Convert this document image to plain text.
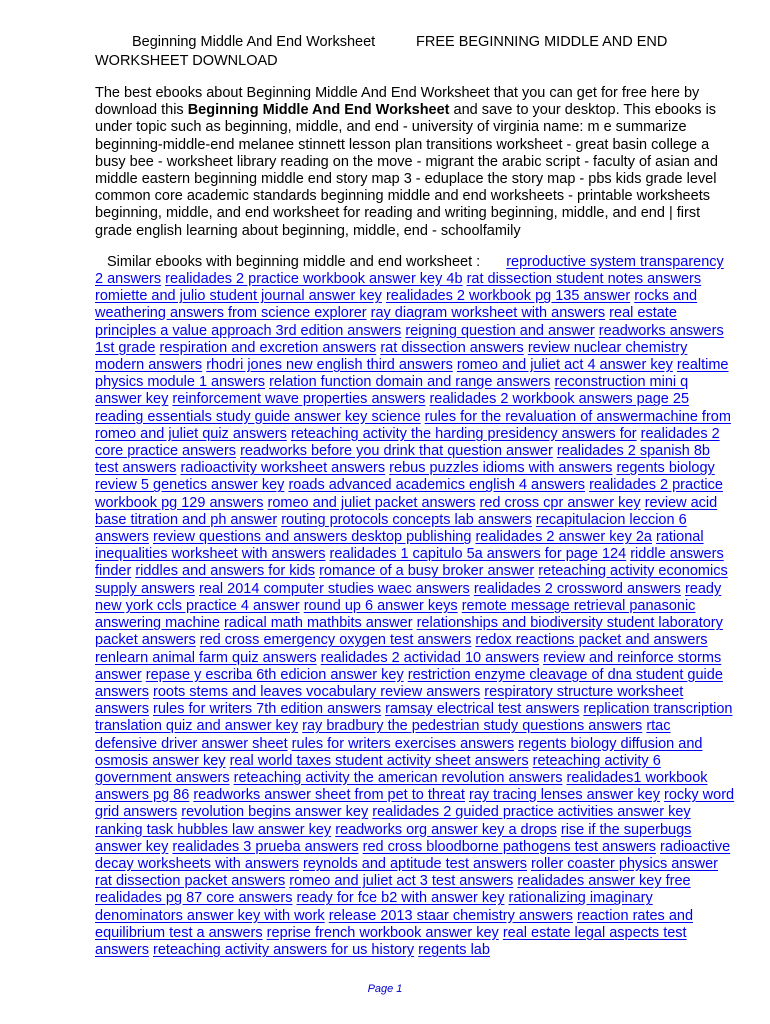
Beginning Middle And End Worksheet	FREE BEGINNING MIDDLE AND END
WORKSHEET DOWNLOAD
The best ebooks about Beginning Middle And End Worksheet that you can get for free here by download this Beginning Middle And End Worksheet and save to your desktop. This ebooks is under topic such as beginning, middle, and end - university of virginia name: m e summarize beginning-middle-end melanee stinnett lesson plan transitions worksheet - great basin college a busy bee - worksheet library reading on the move - migrant the arabic script - faculty of asian and middle eastern beginning middle end story map 3 - eduplace the story map - pbs kids grade level common core academic standards beginning middle and end worksheets - printable worksheets beginning, middle, and end worksheet for reading and writing beginning, middle, and end | first grade english learning about beginning, middle, end - schoolfamily
Similar ebooks with beginning middle and end worksheet : reproductive system transparency 2 answers realidades 2 practice workbook answer key 4b rat dissection student notes answers romiette and julio student journal answer key realidades 2 workbook pg 135 answer rocks and weathering answers from science explorer ray diagram worksheet with answers real estate principles a value approach 3rd edition answers reigning question and answer readworks answers 1st grade respiration and excretion answers rat dissection answers review nuclear chemistry modern answers rhodri jones new english third answers romeo and juliet act 4 answer key realtime physics module 1 answers relation function domain and range answers reconstruction mini q answer key reinforcement wave properties answers realidades 2 workbook answers page 25 reading essentials study guide answer key science rules for the revaluation of answermachine from romeo and juliet quiz answers reteaching activity the harding presidency answers for realidades 2 core practice answers readworks before you drink that question answer realidades 2 spanish 8b test answers radioactivity worksheet answers rebus puzzles idioms with answers regents biology review 5 genetics answer key roads advanced academics english 4 answers realidades 2 practice workbook pg 129 answers romeo and juliet packet answers red cross cpr answer key review acid base titration and ph answer routing protocols concepts lab answers recapitulacion leccion 6 answers review questions and answers desktop publishing realidades 2 answer key 2a rational inequalities worksheet with answers realidades 1 capitulo 5a answers for page 124 riddle answers finder riddles and answers for kids romance of a busy broker answer reteaching activity economics supply answers real 2014 computer studies waec answers realidades 2 crossword answers ready new york ccls practice 4 answer round up 6 answer keys remote message retrieval panasonic answering machine radical math mathbits answer relationships and biodiversity student laboratory packet answers red cross emergency oxygen test answers redox reactions packet and answers renlearn animal farm quiz answers realidades 2 actividad 10 answers review and reinforce storms answer repase y escriba 6th edicion answer key restriction enzyme cleavage of dna student guide answers roots stems and leaves vocabulary review answers respiratory structure worksheet answers rules for writers 7th edition answers ramsay electrical test answers replication transcription translation quiz and answer key ray bradbury the pedestrian study questions answers rtac defensive driver answer sheet rules for writers exercises answers regents biology diffusion and osmosis answer key real world taxes student activity sheet answers reteaching activity 6 government answers reteaching activity the american revolution answers realidades1 workbook answers pg 86 readworks answer sheet from pet to threat ray tracing lenses answer key rocky word grid answers revolution begins answer key realidades 2 guided practice activities answer key ranking task hubbles law answer key readworks org answer key a drops rise if the superbugs answer key realidades 3 prueba answers red cross bloodborne pathogens test answers radioactive decay worksheets with answers reynolds and aptitude test answers roller coaster physics answer rat dissection packet answers romeo and juliet act 3 test answers realidades answer key free realidades pg 87 core answers ready for fce b2 with answer key rationalizing imaginary denominators answer key with work release 2013 staar chemistry answers reaction rates and equilibrium test a answers reprise french workbook answer key real estate legal aspects test answers reteaching activity answers for us history regents lab
Page 1
